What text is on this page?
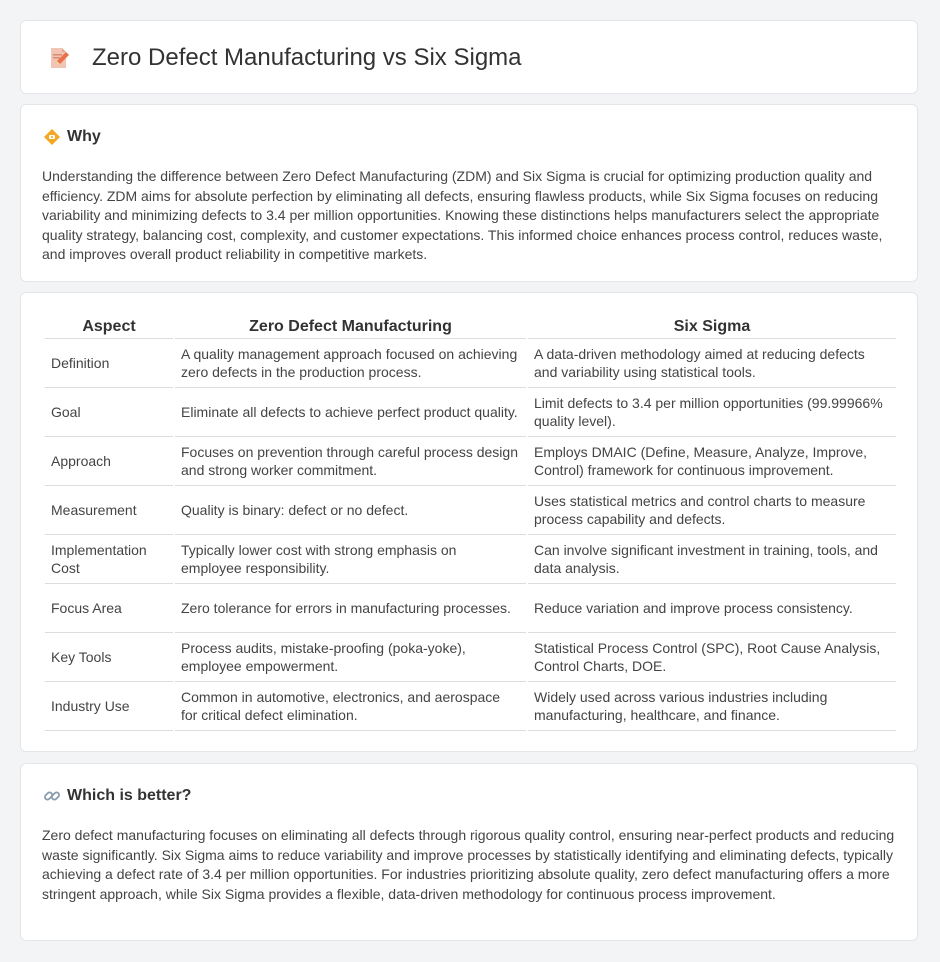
Zero Defect Manufacturing vs Six Sigma
Why

Understanding the difference between Zero Defect Manufacturing (ZDM) and Six Sigma is crucial for optimizing production quality and efficiency. ZDM aims for absolute perfection by eliminating all defects, ensuring flawless products, while Six Sigma focuses on reducing variability and minimizing defects to 3.4 per million opportunities. Knowing these distinctions helps manufacturers select the appropriate quality strategy, balancing cost, complexity, and customer expectations. This informed choice enhances process control, reduces waste, and improves overall product reliability in competitive markets.

Aspect	Zero Defect Manufacturing	Six Sigma
Definition	A quality management approach focused on achieving zero defects in the production process.	A data-driven methodology aimed at reducing defects and variability using statistical tools.
Goal	Eliminate all defects to achieve perfect product quality.	Limit defects to 3.4 per million opportunities (99.99966% quality level).
Approach	Focuses on prevention through careful process design and strong worker commitment.	Employs DMAIC (Define, Measure, Analyze, Improve, Control) framework for continuous improvement.
Measurement	Quality is binary: defect or no defect.	Uses statistical metrics and control charts to measure process capability and defects.
Implementation Cost	Typically lower cost with strong emphasis on employee responsibility.	Can involve significant investment in training, tools, and data analysis.
Focus Area	Zero tolerance for errors in manufacturing processes.	Reduce variation and improve process consistency.
Key Tools	Process audits, mistake-proofing (poka-yoke), employee empowerment.	Statistical Process Control (SPC), Root Cause Analysis, Control Charts, DOE.
Industry Use	Common in automotive, electronics, and aerospace for critical defect elimination.	Widely used across various industries including manufacturing, healthcare, and finance.
Which is better?

Zero defect manufacturing focuses on eliminating all defects through rigorous quality control, ensuring near-perfect products and reducing waste significantly. Six Sigma aims to reduce variability and improve processes by statistically identifying and eliminating defects, typically achieving a defect rate of 3.4 per million opportunities. For industries prioritizing absolute quality, zero defect manufacturing offers a more stringent approach, while Six Sigma provides a flexible, data-driven methodology for continuous process improvement.
